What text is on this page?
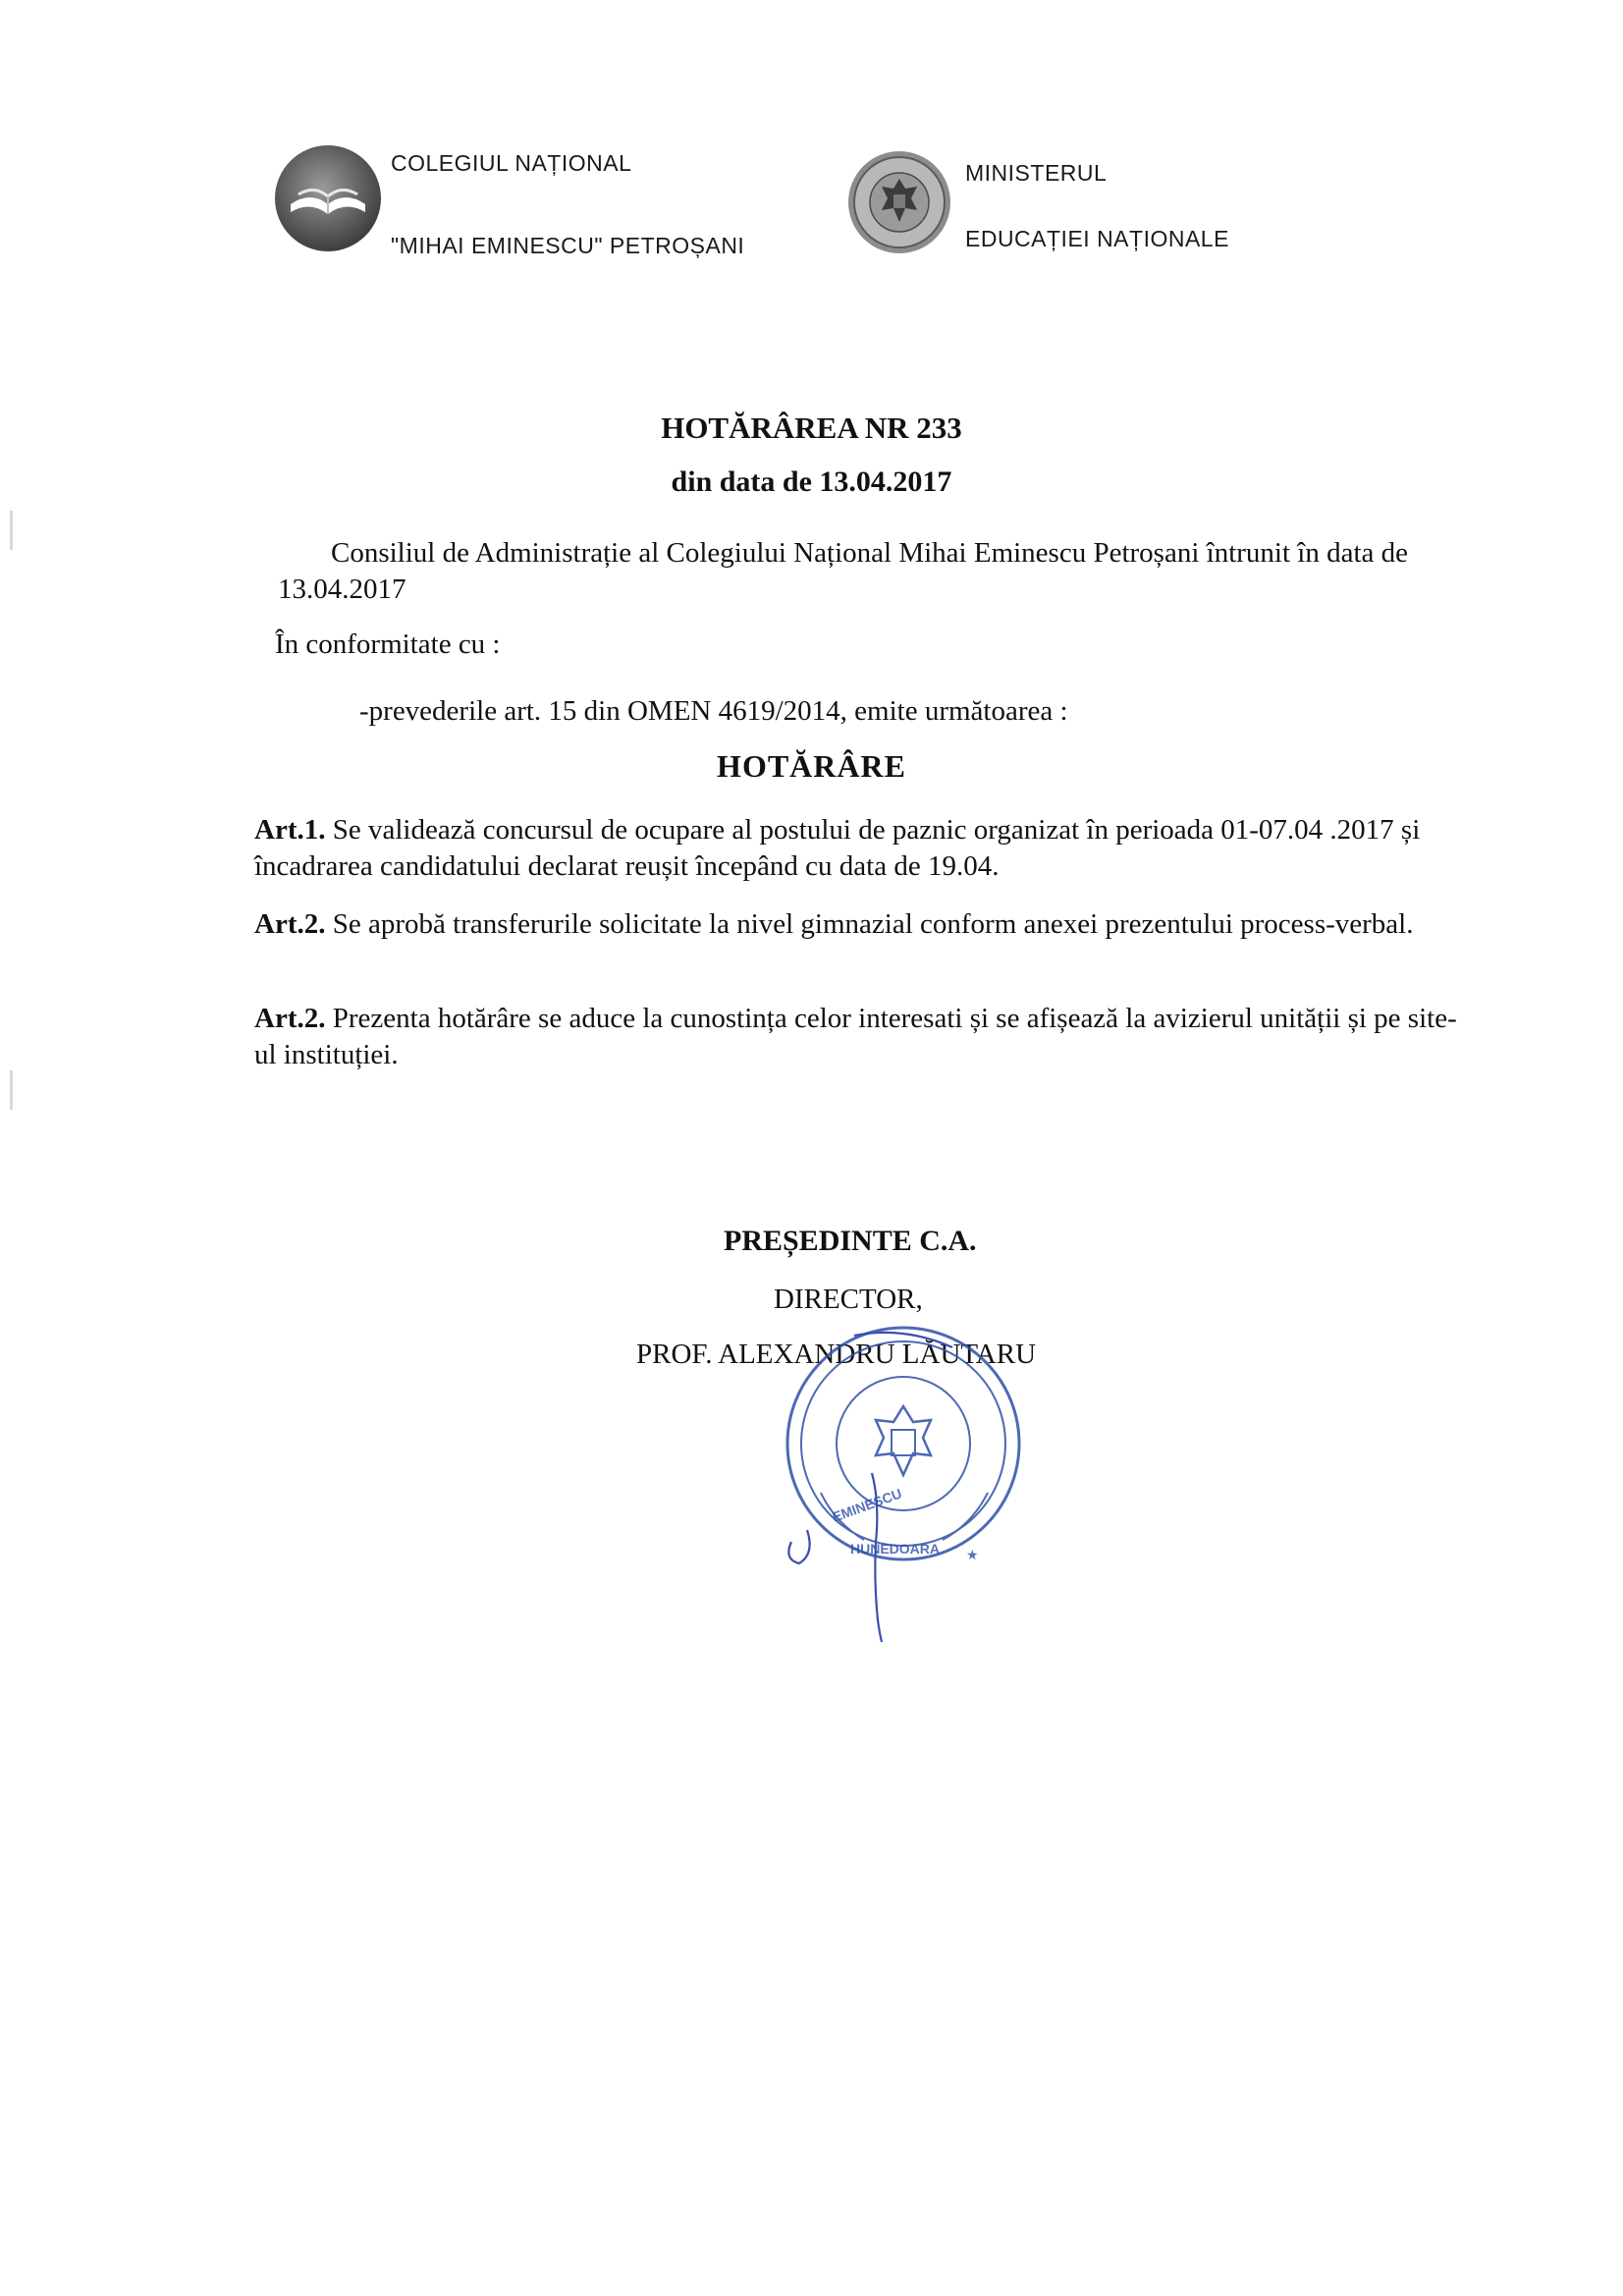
COLEGIUL NAȚIONAL
"MIHAI EMINESCU" PETROȘANI
MINISTERUL
EDUCAȚIEI NAȚIONALE
HOTĂRÂREA NR 233
din data de 13.04.2017
Consiliul de Administrație al Colegiului Național Mihai Eminescu Petroșani întrunit în data de 13.04.2017
În conformitate cu :
-prevederile art. 15 din OMEN 4619/2014, emite următoarea :
HOTĂRÂRE
Art.1. Se validează concursul de ocupare al postului de paznic organizat în perioada 01-07.04 .2017 și încadrarea candidatului declarat reușit începând cu data de 19.04.
Art.2. Se aprobă transferurile solicitate la nivel gimnazial conform anexei prezentului process-verbal.
Art.2. Prezenta hotărâre se aduce la cunostința celor interesati și se afișează la avizierul unității și pe site-ul instituției.
PREȘEDINTE C.A.
DIRECTOR,
PROF. ALEXANDRU LĂUTARU
EMINESCU
HUNEDOARA ★
